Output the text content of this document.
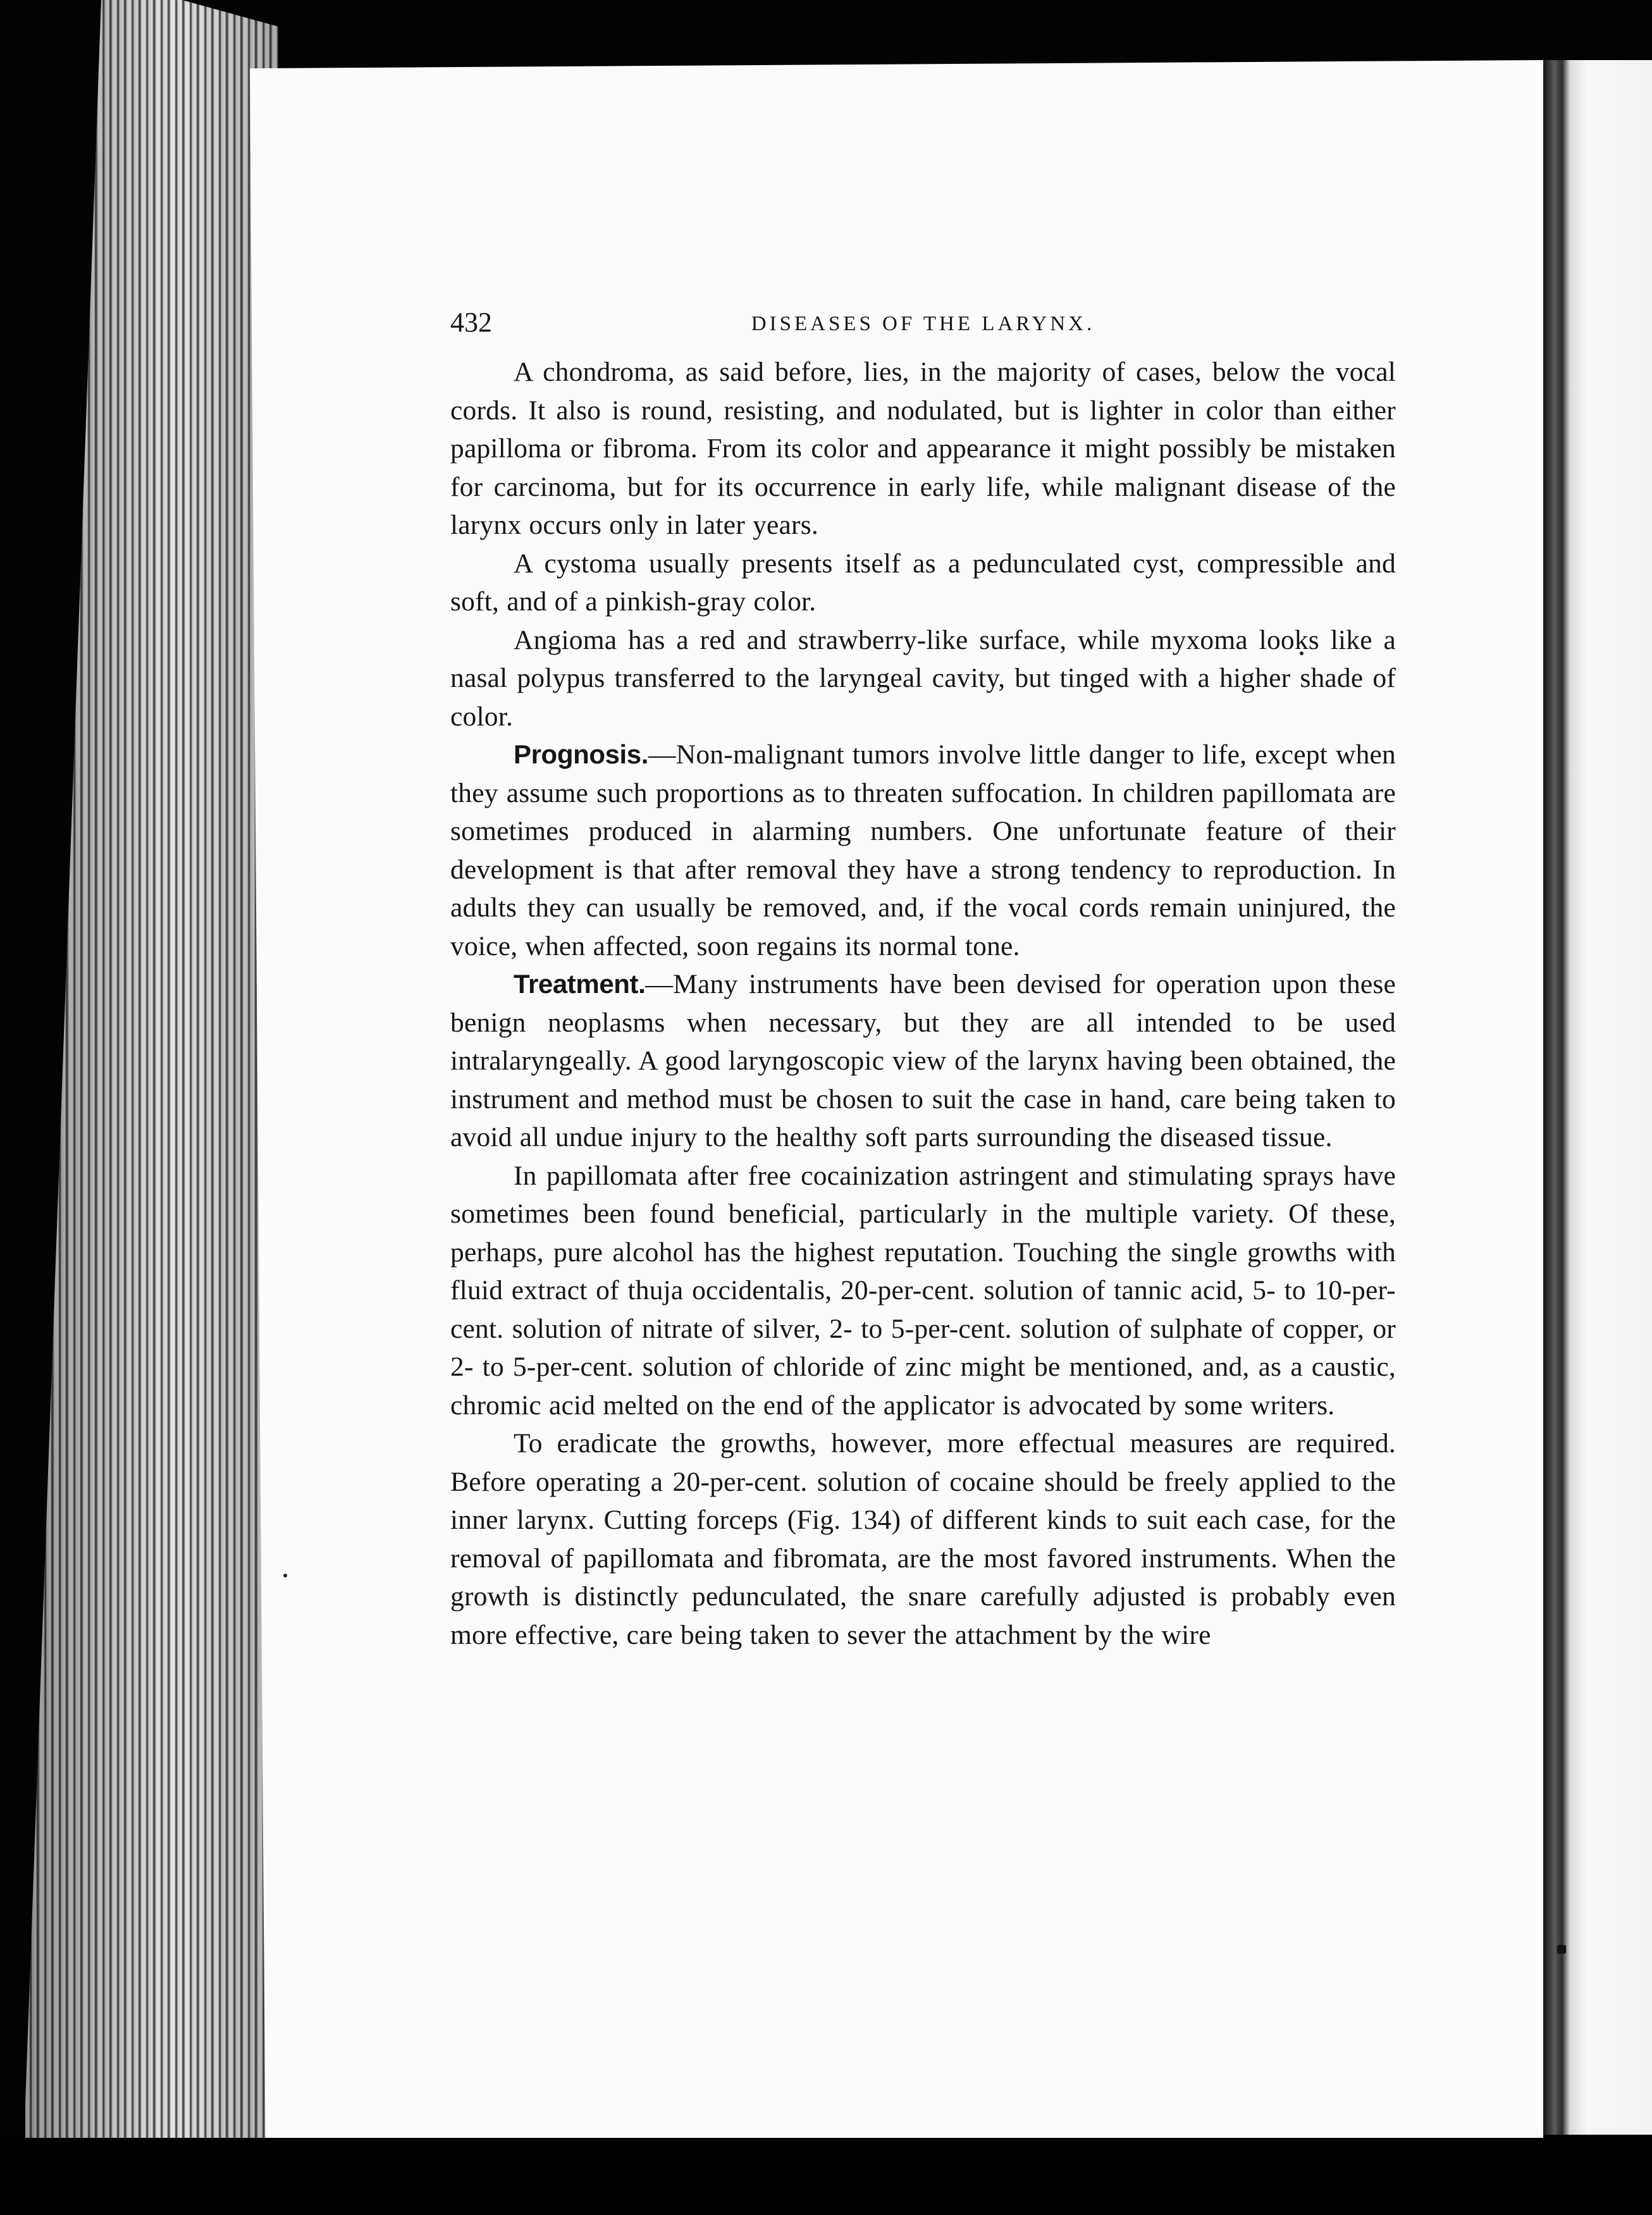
432	DISEASES OF THE LARYNX.

A chondroma, as said before, lies, in the majority of cases, below the vocal cords. It also is round, resisting, and nodulated, but is lighter in color than either papilloma or fibroma. From its color and appearance it might possibly be mistaken for carcinoma, but for its occurrence in early life, while malignant disease of the larynx occurs only in later years.

A cystoma usually presents itself as a pedunculated cyst, compressible and soft, and of a pinkish-gray color.

Angioma has a red and strawberry-like surface, while myxoma looks like a nasal polypus transferred to the laryngeal cavity, but tinged with a higher shade of color.

Prognosis.—Non-malignant tumors involve little danger to life, except when they assume such proportions as to threaten suffocation. In children papillomata are sometimes produced in alarming numbers. One unfortunate feature of their development is that after removal they have a strong tendency to reproduction. In adults they can usually be removed, and, if the vocal cords remain uninjured, the voice, when affected, soon regains its normal tone.

Treatment.—Many instruments have been devised for operation upon these benign neoplasms when necessary, but they are all intended to be used intralaryngeally. A good laryngoscopic view of the larynx having been obtained, the instrument and method must be chosen to suit the case in hand, care being taken to avoid all undue injury to the healthy soft parts surrounding the diseased tissue.

In papillomata after free cocainization astringent and stimulating sprays have sometimes been found beneficial, particularly in the multiple variety. Of these, perhaps, pure alcohol has the highest reputation. Touching the single growths with fluid extract of thuja occidentalis, 20-per-cent. solution of tannic acid, 5- to 10-per-cent. solution of nitrate of silver, 2- to 5-per-cent. solution of sulphate of copper, or 2- to 5-per-cent. solution of chloride of zinc might be mentioned, and, as a caustic, chromic acid melted on the end of the applicator is advocated by some writers.

To eradicate the growths, however, more effectual measures are required. Before operating a 20-per-cent. solution of cocaine should be freely applied to the inner larynx. Cutting forceps (Fig. 134) of different kinds to suit each case, for the removal of papillomata and fibromata, are the most favored instruments. When the growth is distinctly pedunculated, the snare carefully adjusted is probably even more effective, care being taken to sever the attachment by the wire
